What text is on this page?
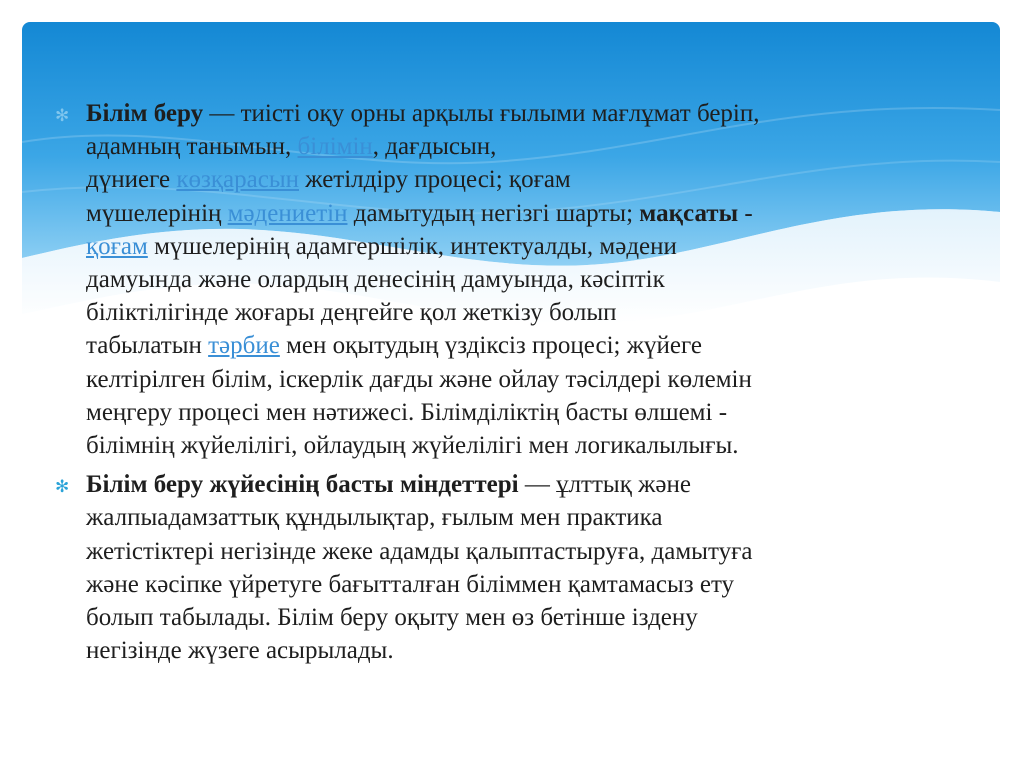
✻ Білім беру — тиісті оқу орны арқылы ғылыми мағлұмат беріп,
адамның танымын, білімін, дағдысын,
дүниеге көзқарасын жетілдіру процесі; қоғам
мүшелерінің мәдениетін дамытудың негізгі шарты; мақсаты -
қоғам мүшелерінің адамгершілік, интектуалды, мәдени
дамуында және олардың денесінің дамуында, кәсіптік
біліктілігінде жоғары деңгейге қол жеткізу болып
табылатын тәрбие мен оқытудың үздіксіз процесі; жүйеге
келтірілген білім, іскерлік дағды және ойлау тәсілдері көлемін
меңгеру процесі мен нәтижесі. Білімділіктің басты өлшемі -
білімнің жүйелілігі, ойлаудың жүйелілігі мен логикалылығы.
✻ Білім беру жүйесінің басты міндеттері — ұлттық және
жалпыадамзаттық құндылықтар, ғылым мен практика
жетістіктері негізінде жеке адамды қалыптастыруға, дамытуға
және кәсіпке үйретуге бағытталған біліммен қамтамасыз ету
болып табылады. Білім беру оқыту мен өз бетінше іздену
негізінде жүзеге асырылады.
